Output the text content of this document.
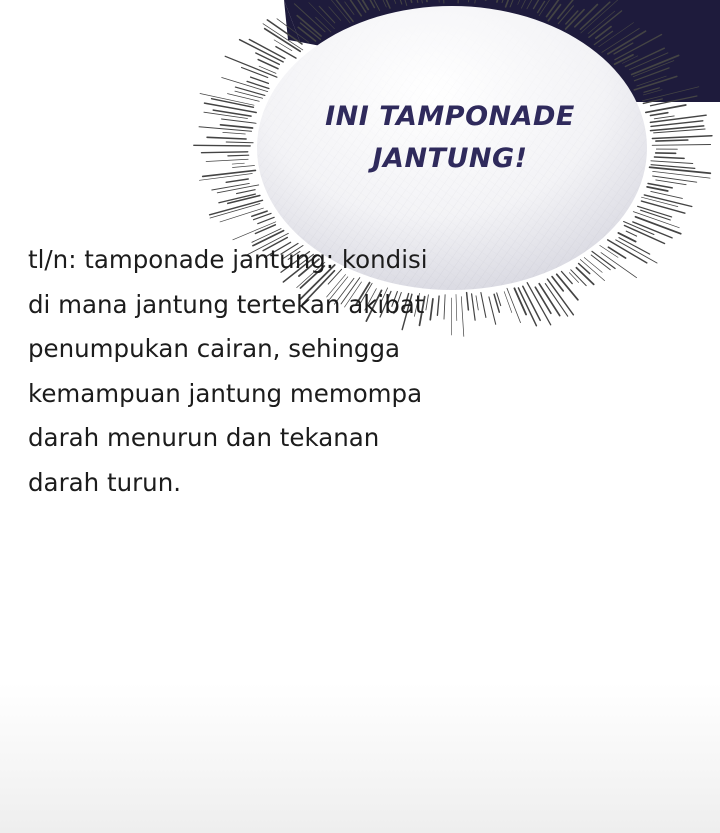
INI TAMPONADE
JANTUNG!
tl/n: tamponade jantung: kondisi
di mana jantung tertekan akibat
penumpukan cairan, sehingga
kemampuan jantung memompa
darah menurun dan tekanan
darah turun.
